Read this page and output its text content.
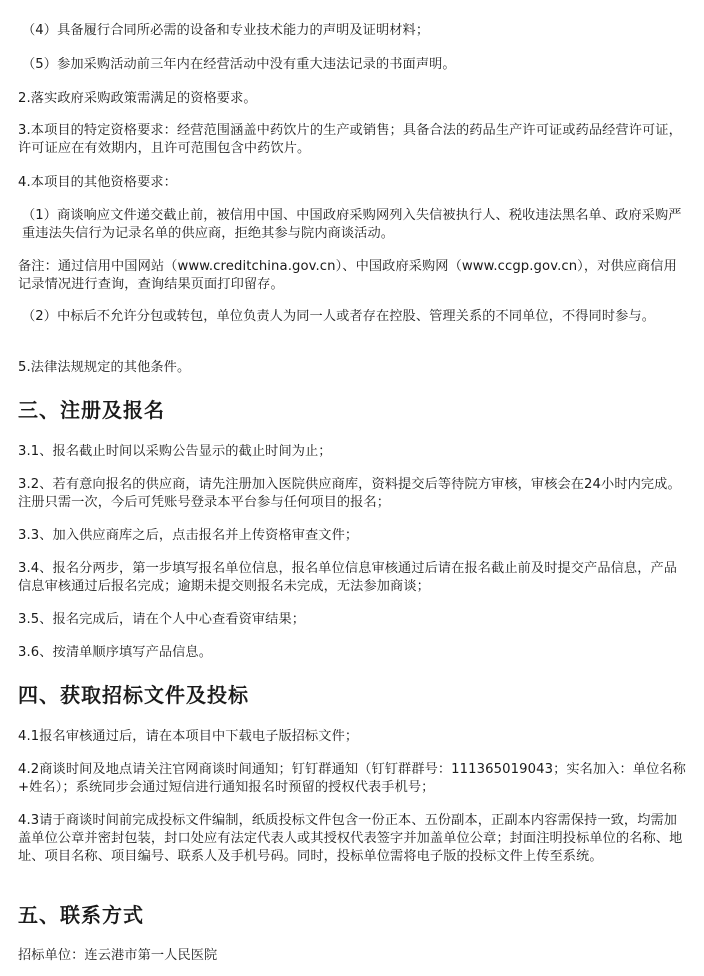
（4）具备履行合同所必需的设备和专业技术能力的声明及证明材料；

（5）参加采购活动前三年内在经营活动中没有重大违法记录的书面声明。

2.落实政府采购政策需满足的资格要求。

3.本项目的特定资格要求：经营范围涵盖中药饮片的生产或销售；具备合法的药品生产许可证或药品经营许可证，许可证应在有效期内，且许可范围包含中药饮片。

4.本项目的其他资格要求：

（1）商谈响应文件递交截止前，被信用中国、中国政府采购网列入失信被执行人、税收违法黑名单、政府采购严重违法失信行为记录名单的供应商，拒绝其参与院内商谈活动。

备注：通过信用中国网站（www.creditchina.gov.cn）、中国政府采购网（www.ccgp.gov.cn），对供应商信用记录情况进行查询，查询结果页面打印留存。

（2）中标后不允许分包或转包，单位负责人为同一人或者存在控股、管理关系的不同单位，不得同时参与。

5.法律法规规定的其他条件。

三、注册及报名

3.1、报名截止时间以采购公告显示的截止时间为止；

3.2、若有意向报名的供应商，请先注册加入医院供应商库，资料提交后等待院方审核，审核会在24小时内完成。注册只需一次，今后可凭账号登录本平台参与任何项目的报名；

3.3、加入供应商库之后，点击报名并上传资格审查文件；

3.4、报名分两步，第一步填写报名单位信息，报名单位信息审核通过后请在报名截止前及时提交产品信息，产品信息审核通过后报名完成；逾期未提交则报名未完成，无法参加商谈；

3.5、报名完成后，请在个人中心查看资审结果；

3.6、按清单顺序填写产品信息。

四、获取招标文件及投标

4.1报名审核通过后，请在本项目中下载电子版招标文件；

4.2商谈时间及地点请关注官网商谈时间通知；钉钉群通知（钉钉群群号：111365019043；实名加入：单位名称+姓名）；系统同步会通过短信进行通知报名时预留的授权代表手机号；

4.3请于商谈时间前完成投标文件编制，纸质投标文件包含一份正本、五份副本，正副本内容需保持一致，均需加盖单位公章并密封包装，封口处应有法定代表人或其授权代表签字并加盖单位公章；封面注明投标单位的名称、地址、项目名称、项目编号、联系人及手机号码。同时，投标单位需将电子版的投标文件上传至系统。

五、联系方式

招标单位：连云港市第一人民医院
